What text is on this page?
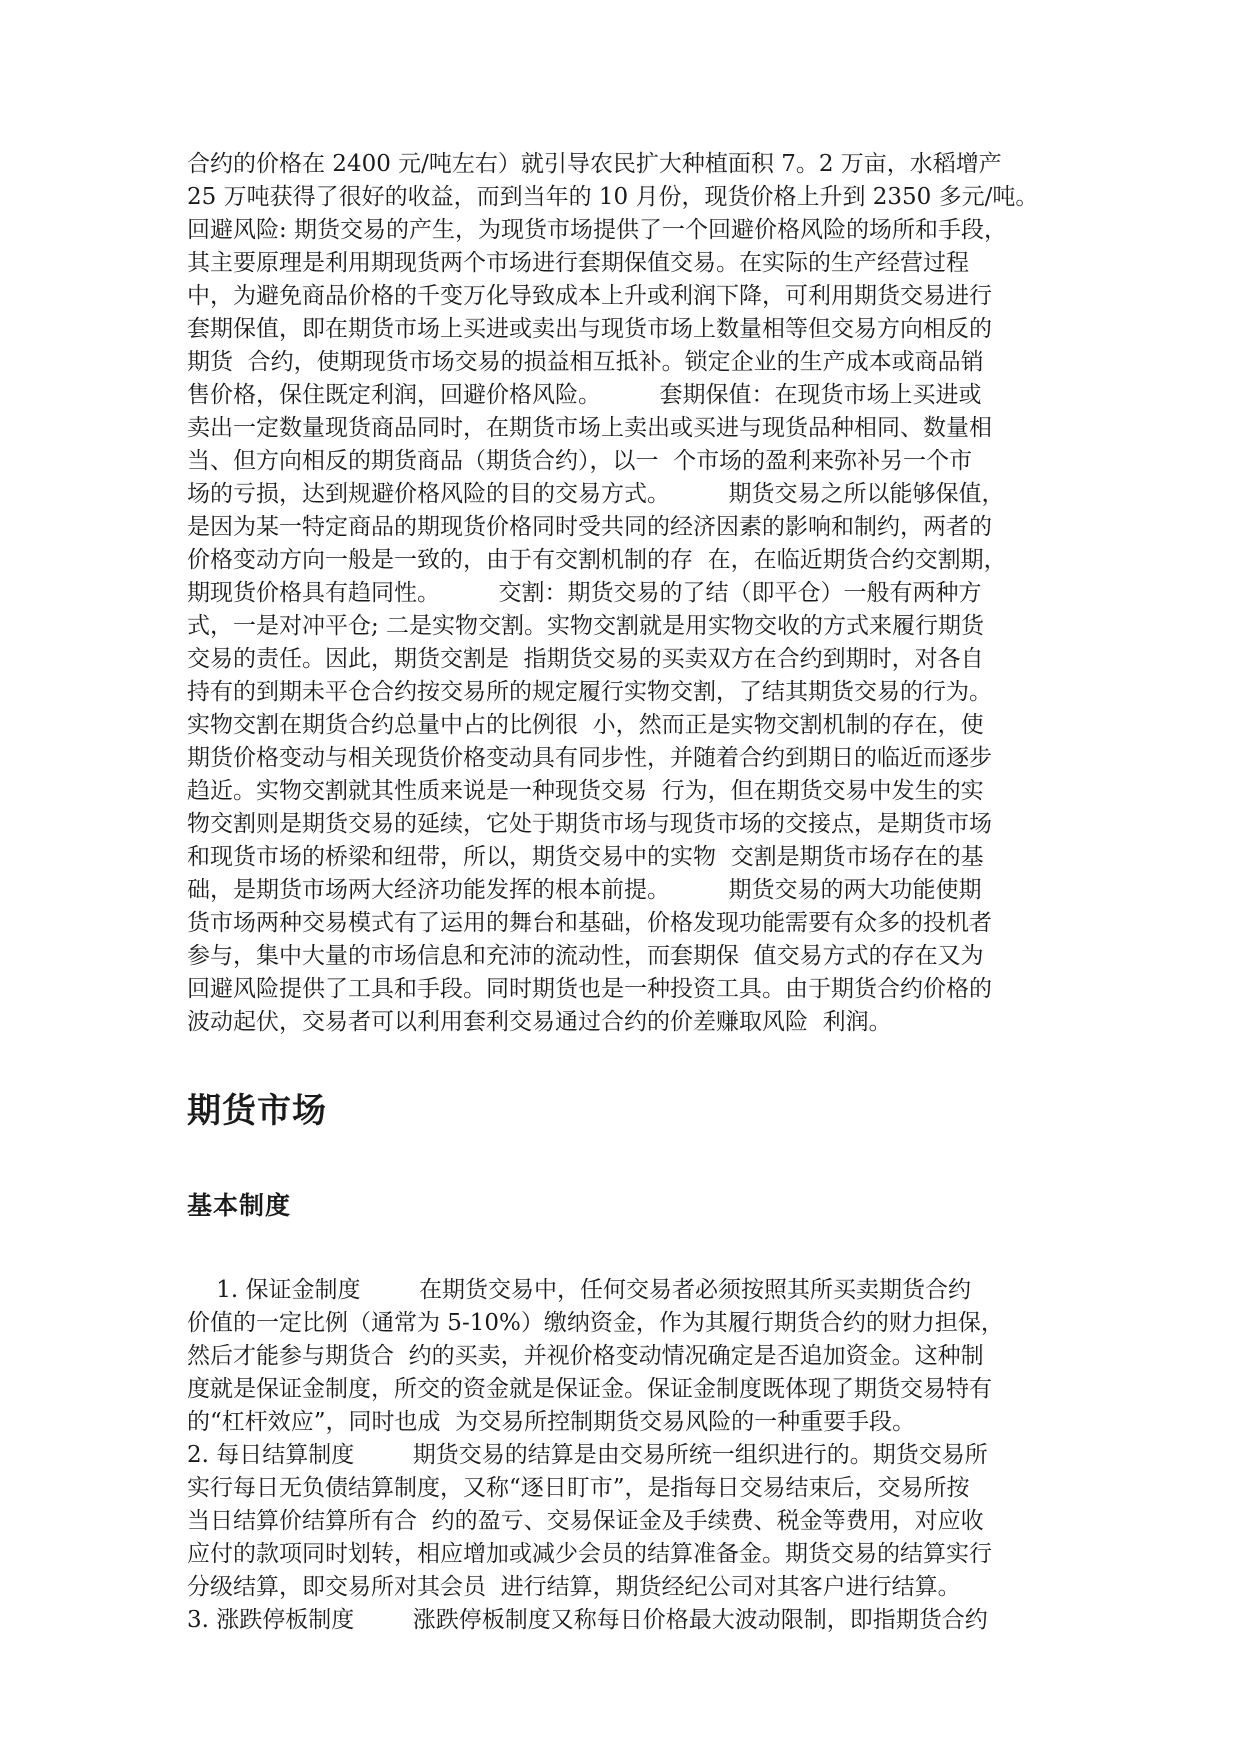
合约的价格在 2400 元/吨左右）就引导农民扩大种植面积 7。2 万亩，水稻增产
25 万吨获得了很好的收益，而到当年的 10 月份，现货价格上升到 2350 多元/吨。
回避风险: 期货交易的产生，为现货市场提供了一个回避价格风险的场所和手段，
其主要原理是利用期现货两个市场进行套期保值交易。在实际的生产经营过程
中，为避免商品价格的千变万化导致成本上升或利润下降，可利用期货交易进行
套期保值，即在期货市场上买进或卖出与现货市场上数量相等但交易方向相反的
期货  合约，使期现货市场交易的损益相互抵补。锁定企业的生产成本或商品销
售价格，保住既定利润，回避价格风险。        套期保值：在现货市场上买进或
卖出一定数量现货商品同时，在期货市场上卖出或买进与现货品种相同、数量相
当、但方向相反的期货商品（期货合约），以一  个市场的盈利来弥补另一个市
场的亏损，达到规避价格风险的目的交易方式。        期货交易之所以能够保值，
是因为某一特定商品的期现货价格同时受共同的经济因素的影响和制约，两者的
价格变动方向一般是一致的，由于有交割机制的存  在，在临近期货合约交割期，
期现货价格具有趋同性。        交割：期货交易的了结（即平仓）一般有两种方
式，一是对冲平仓; 二是实物交割。实物交割就是用实物交收的方式来履行期货
交易的责任。因此，期货交割是  指期货交易的买卖双方在合约到期时，对各自
持有的到期未平仓合约按交易所的规定履行实物交割，了结其期货交易的行为。
实物交割在期货合约总量中占的比例很  小，然而正是实物交割机制的存在，使
期货价格变动与相关现货价格变动具有同步性，并随着合约到期日的临近而逐步
趋近。实物交割就其性质来说是一种现货交易  行为，但在期货交易中发生的实
物交割则是期货交易的延续，它处于期货市场与现货市场的交接点，是期货市场
和现货市场的桥梁和纽带，所以，期货交易中的实物  交割是期货市场存在的基
础，是期货市场两大经济功能发挥的根本前提。        期货交易的两大功能使期
货市场两种交易模式有了运用的舞台和基础，价格发现功能需要有众多的投机者
参与，集中大量的市场信息和充沛的流动性，而套期保  值交易方式的存在又为
回避风险提供了工具和手段。同时期货也是一种投资工具。由于期货合约价格的
波动起伏，交易者可以利用套利交易通过合约的价差赚取风险  利润。
期货市场
基本制度
1. 保证金制度        在期货交易中，任何交易者必须按照其所买卖期货合约
价值的一定比例（通常为 5-10%）缴纳资金，作为其履行期货合约的财力担保，
然后才能参与期货合  约的买卖，并视价格变动情况确定是否追加资金。这种制
度就是保证金制度，所交的资金就是保证金。保证金制度既体现了期货交易特有
的“杠杆效应”，同时也成  为交易所控制期货交易风险的一种重要手段。
2. 每日结算制度        期货交易的结算是由交易所统一组织进行的。期货交易所
实行每日无负债结算制度，又称“逐日盯市”，是指每日交易结束后，交易所按
当日结算价结算所有合  约的盈亏、交易保证金及手续费、税金等费用，对应收
应付的款项同时划转，相应增加或减少会员的结算准备金。期货交易的结算实行
分级结算，即交易所对其会员  进行结算，期货经纪公司对其客户进行结算。
3. 涨跌停板制度        涨跌停板制度又称每日价格最大波动限制，即指期货合约
